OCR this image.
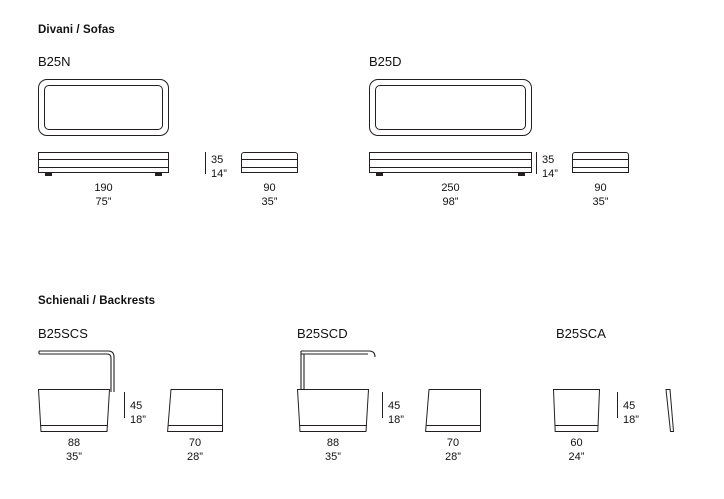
Divani / Sofas
B25N
190
75”
35
14”
90
35”
B25D
250
98”
35
14”
90
35”
Schienali / Backrests
B25SCS
88
35”
45
18”
70
28”
B25SCD
88
35”
45
18”
70
28”
B25SCA
60
24”
45
18”
